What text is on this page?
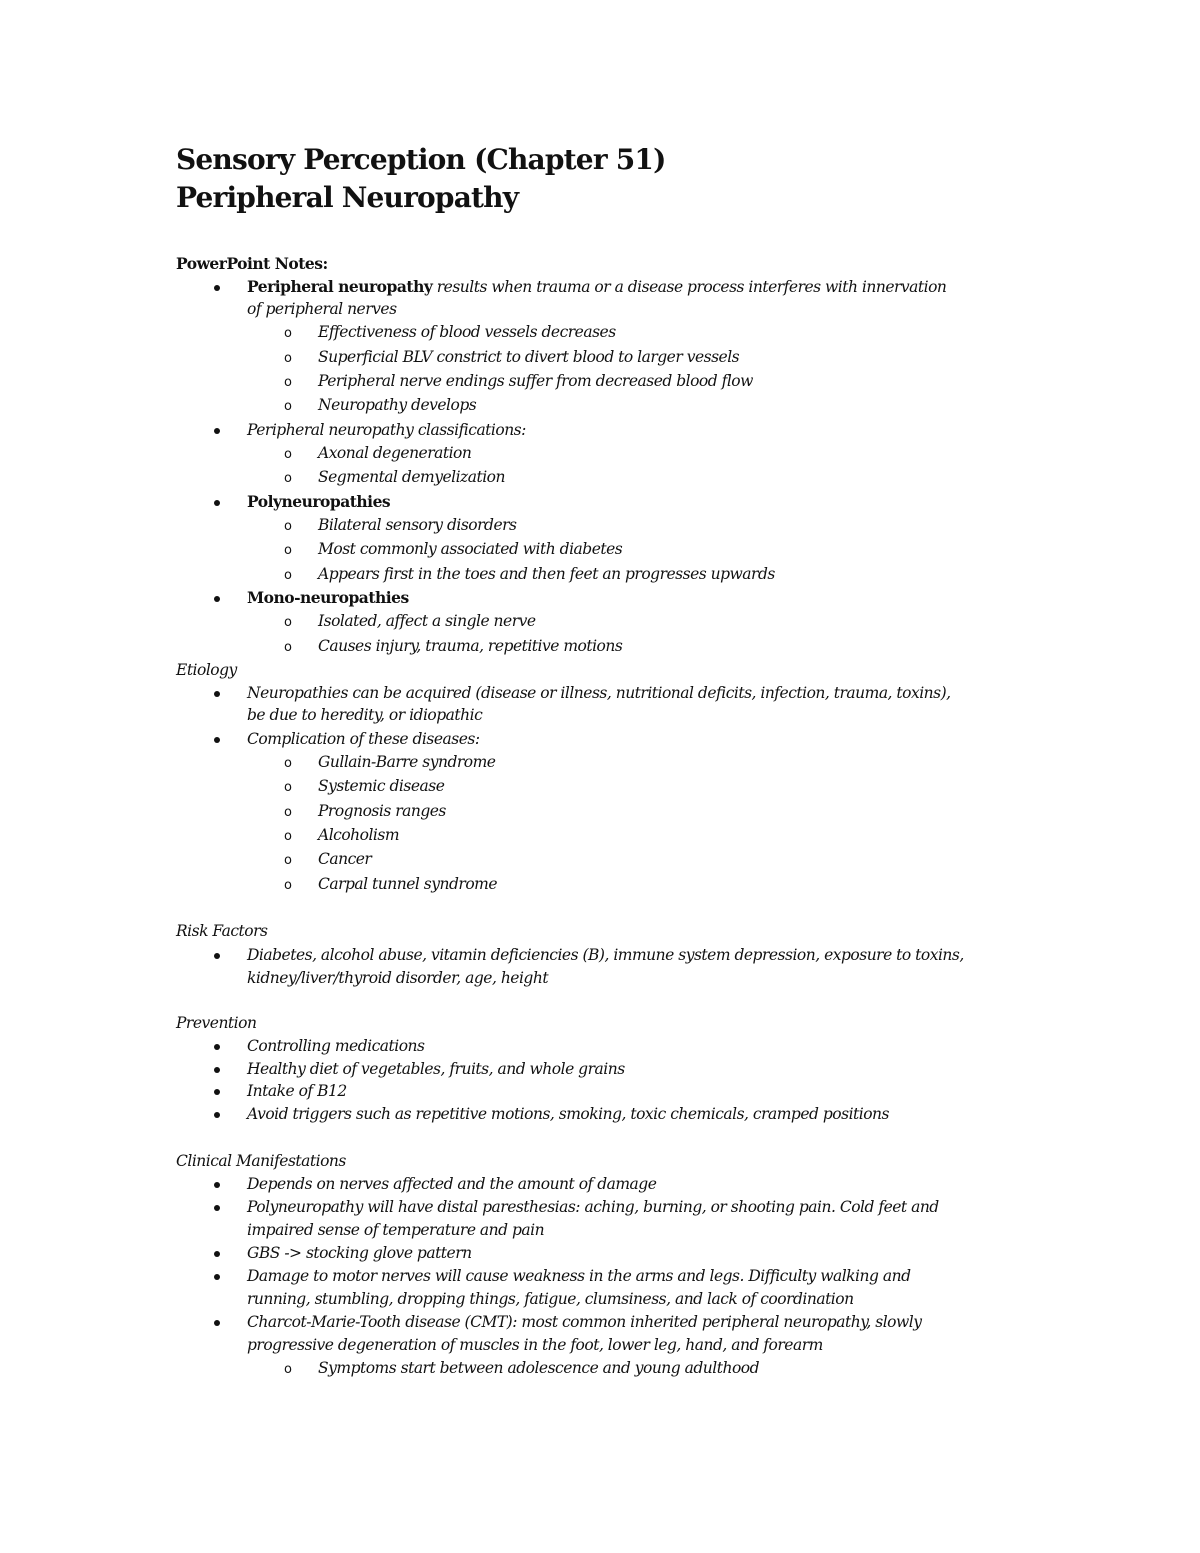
Sensory Perception (Chapter 51)
Peripheral Neuropathy
PowerPoint Notes:
Peripheral neuropathy results when trauma or a disease process interferes with innervation
of peripheral nerves
o Effectiveness of blood vessels decreases
o Superficial BLV constrict to divert blood to larger vessels
o Peripheral nerve endings suffer from decreased blood flow
o Neuropathy develops
Peripheral neuropathy classifications:
o Axonal degeneration
o Segmental demyelization
Polyneuropathies
o Bilateral sensory disorders
o Most commonly associated with diabetes
o Appears first in the toes and then feet an progresses upwards
Mono-neuropathies
o Isolated, affect a single nerve
o Causes injury, trauma, repetitive motions
Etiology
Neuropathies can be acquired (disease or illness, nutritional deficits, infection, trauma, toxins),
be due to heredity, or idiopathic
Complication of these diseases:
o Gullain-Barre syndrome
o Systemic disease
o Prognosis ranges
o Alcoholism
o Cancer
o Carpal tunnel syndrome
Risk Factors
Diabetes, alcohol abuse, vitamin deficiencies (B), immune system depression, exposure to toxins,
kidney/liver/thyroid disorder, age, height
Prevention
Controlling medications
Healthy diet of vegetables, fruits, and whole grains
Intake of B12
Avoid triggers such as repetitive motions, smoking, toxic chemicals, cramped positions
Clinical Manifestations
Depends on nerves affected and the amount of damage
Polyneuropathy will have distal paresthesias: aching, burning, or shooting pain. Cold feet and
impaired sense of temperature and pain
GBS -> stocking glove pattern
Damage to motor nerves will cause weakness in the arms and legs. Difficulty walking and
running, stumbling, dropping things, fatigue, clumsiness, and lack of coordination
Charcot-Marie-Tooth disease (CMT): most common inherited peripheral neuropathy, slowly
progressive degeneration of muscles in the foot, lower leg, hand, and forearm
o Symptoms start between adolescence and young adulthood
